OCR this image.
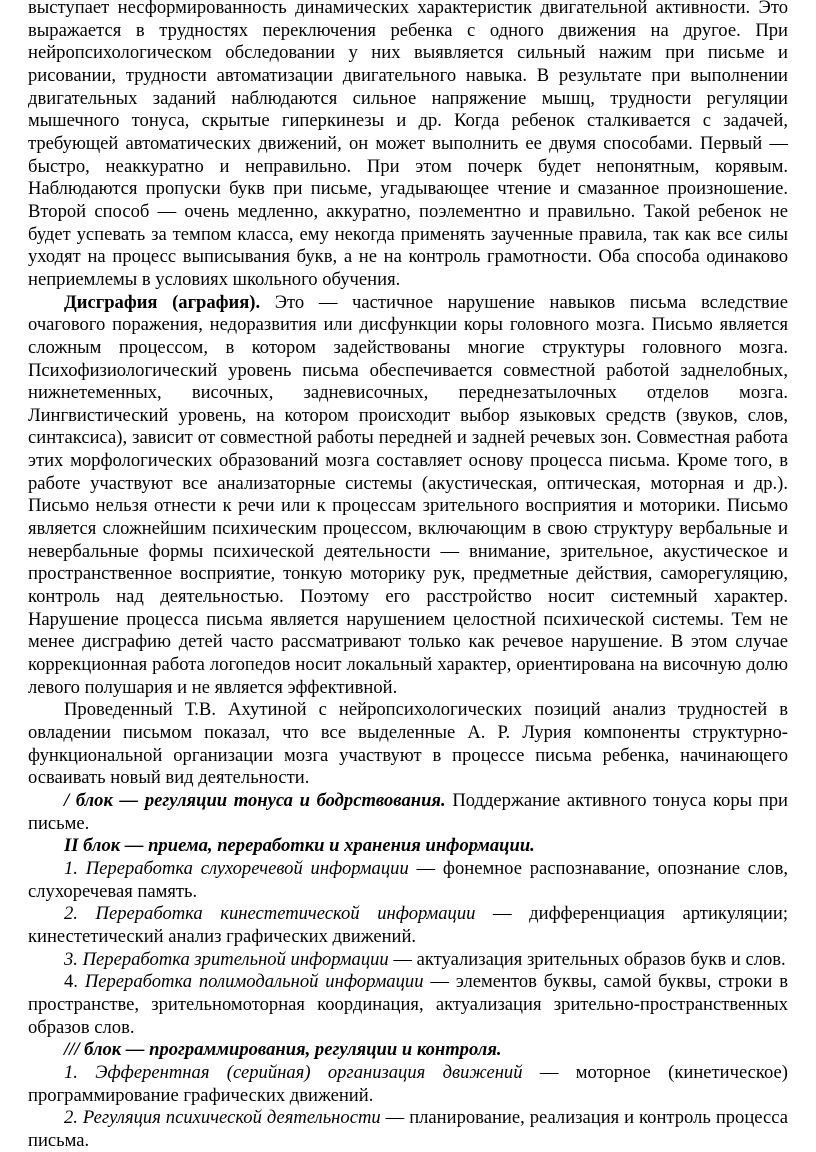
выступает несформированность динамических характеристик двигательной активности. Это выражается в трудностях переключения ребенка с одного движения на другое. При нейропсихологическом обследовании у них выявляется сильный нажим при письме и рисовании, трудности автоматизации двигательного навыка. В результате при выполнении двигательных заданий наблюдаются сильное напряжение мышц, трудности регуляции мышечного тонуса, скрытые гиперкинезы и др. Когда ребенок сталкивается с задачей, требующей автоматических движений, он может выполнить ее двумя способами. Первый — быстро, неаккуратно и неправильно. При этом почерк будет непонятным, корявым. Наблюдаются пропуски букв при письме, угадывающее чтение и смазанное произношение. Второй способ — очень медленно, аккуратно, поэлементно и правильно. Такой ребенок не будет успевать за темпом класса, ему некогда применять заученные правила, так как все силы уходят на процесс выписывания букв, а не на контроль грамотности. Оба способа одинаково неприемлемы в условиях школьного обучения.

Дисграфия (аграфия). Это — частичное нарушение навыков письма вследствие очагового поражения, недоразвития или дисфункции коры головного мозга. Письмо является сложным процессом, в котором задействованы многие структуры головного мозга. Психофизиологический уровень письма обеспечивается совместной работой заднелобных, нижнетеменных, височных, задневисочных, переднезатылочных отделов мозга. Лингвистический уровень, на котором происходит выбор языковых средств (звуков, слов, синтаксиса), зависит от совместной работы передней и задней речевых зон. Совместная работа этих морфологических образований мозга составляет основу процесса письма. Кроме того, в работе участвуют все анализаторные системы (акустическая, оптическая, моторная и др.). Письмо нельзя отнести к речи или к процессам зрительного восприятия и моторики. Письмо является сложнейшим психическим процессом, включающим в свою структуру вербальные и невербальные формы психической деятельности — внимание, зрительное, акустическое и пространственное восприятие, тонкую моторику рук, предметные действия, саморегуляцию, контроль над деятельностью. Поэтому его расстройство носит системный характер. Нарушение процесса письма является нарушением целостной психической системы. Тем не менее дисграфию детей часто рассматривают только как речевое нарушение. В этом случае коррекционная работа логопедов носит локальный характер, ориентирована на височную долю левого полушария и не является эффективной.

Проведенный Т.В. Ахутиной с нейропсихологических позиций анализ трудностей в овладении письмом показал, что все выделенные А. Р. Лурия компоненты структурно-функциональной организации мозга участвуют в процессе письма ребенка, начинающего осваивать новый вид деятельности.

/ блок — регуляции тонуса и бодрствования. Поддержание активного тонуса коры при письме.

II блок — приема, переработки и хранения информации.

1. Переработка слухоречевой информации — фонемное распознавание, опознание слов, слухоречевая память.

2. Переработка кинестетической информации — дифференциация артикуляции; кинестетический анализ графических движений.

3. Переработка зрительной информации — актуализация зрительных образов букв и слов.

4. Переработка полимодальной информации — элементов буквы, самой буквы, строки в пространстве, зрительномоторная координация, актуализация зрительно-пространственных образов слов.

/// блок — программирования, регуляции и контроля.

1. Эфферентная (серийная) организация движений — моторное (кинетическое) программирование графических движений.

2. Регуляция психической деятельности — планирование, реализация и контроль процесса письма.
